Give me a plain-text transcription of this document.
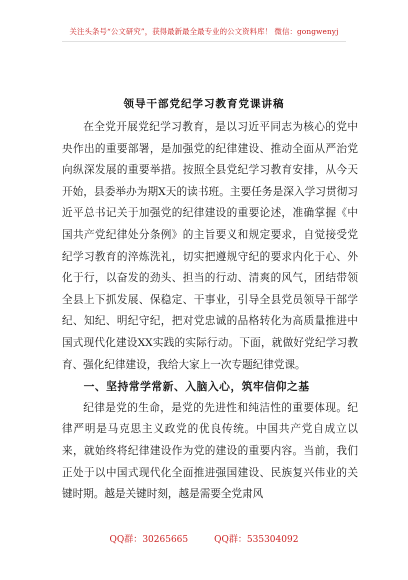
关注头条号“公文研究”，获得最新最全最专业的公文资料库！ 微信：gongwenyj
领导干部党纪学习教育党课讲稿

在全党开展党纪学习教育，是以习近平同志为核心的党中央作出的重要部署，是加强党的纪律建设、推动全面从严治党向纵深发展的重要举措。按照全县党纪学习教育安排，从今天开始，县委举办为期X天的读书班。主要任务是深入学习贯彻习近平总书记关于加强党的纪律建设的重要论述，准确掌握《中国共产党纪律处分条例》的主旨要义和规定要求，自觉接受党纪学习教育的淬炼洗礼，切实把遵规守纪的要求内化于心、外化于行，以奋发的劲头、担当的行动、清爽的风气，团结带领全县上下抓发展、保稳定、干事业，引导全县党员领导干部学纪、知纪、明纪守纪，把对党忠诚的品格转化为高质量推进中国式现代化建设XX实践的实际行动。下面，就做好党纪学习教育、强化纪律建设，我给大家上一次专题纪律党课。

一、坚持常学常新、入脑入心，筑牢信仰之基

纪律是党的生命，是党的先进性和纯洁性的重要体现。纪律严明是马克思主义政党的优良传统。中国共产党自成立以来，就始终将纪律建设作为党的建设的重要内容。当前，我们正处于以中国式现代化全面推进强国建设、民族复兴伟业的关键时期。越是关键时刻，越是需要全党肃风

QQ群：30265665	QQ群：535304092
